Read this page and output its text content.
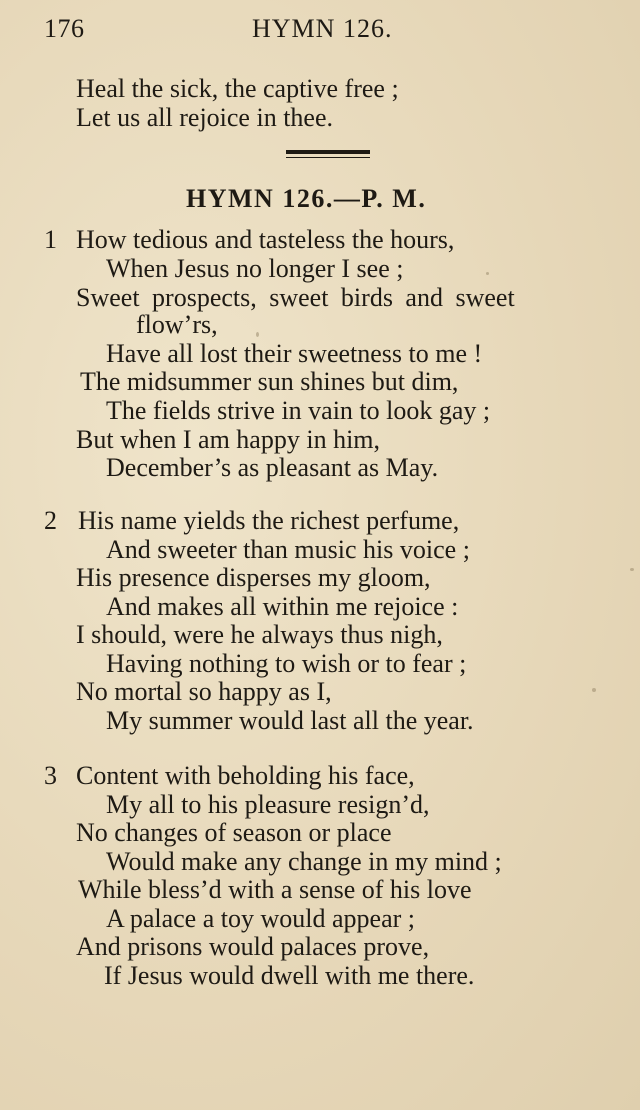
176	HYMN 126.
Heal the sick, the captive free ;
Let us all rejoice in thee.
HYMN 126.—P. M.
1 How tedious and tasteless the hours,
When Jesus no longer I see ;
Sweet prospects, sweet birds and sweet
flow’rs,
Have all lost their sweetness to me !
The midsummer sun shines but dim,
The fields strive in vain to look gay ;
But when I am happy in him,
December’s as pleasant as May.
2 His name yields the richest perfume,
And sweeter than music his voice ;
His presence disperses my gloom,
And makes all within me rejoice :
I should, were he always thus nigh,
Having nothing to wish or to fear ;
No mortal so happy as I,
My summer would last all the year.
3 Content with beholding his face,
My all to his pleasure resign’d,
No changes of season or place
Would make any change in my mind ;
While bless’d with a sense of his love
A palace a toy would appear ;
And prisons would palaces prove,
If Jesus would dwell with me there.
